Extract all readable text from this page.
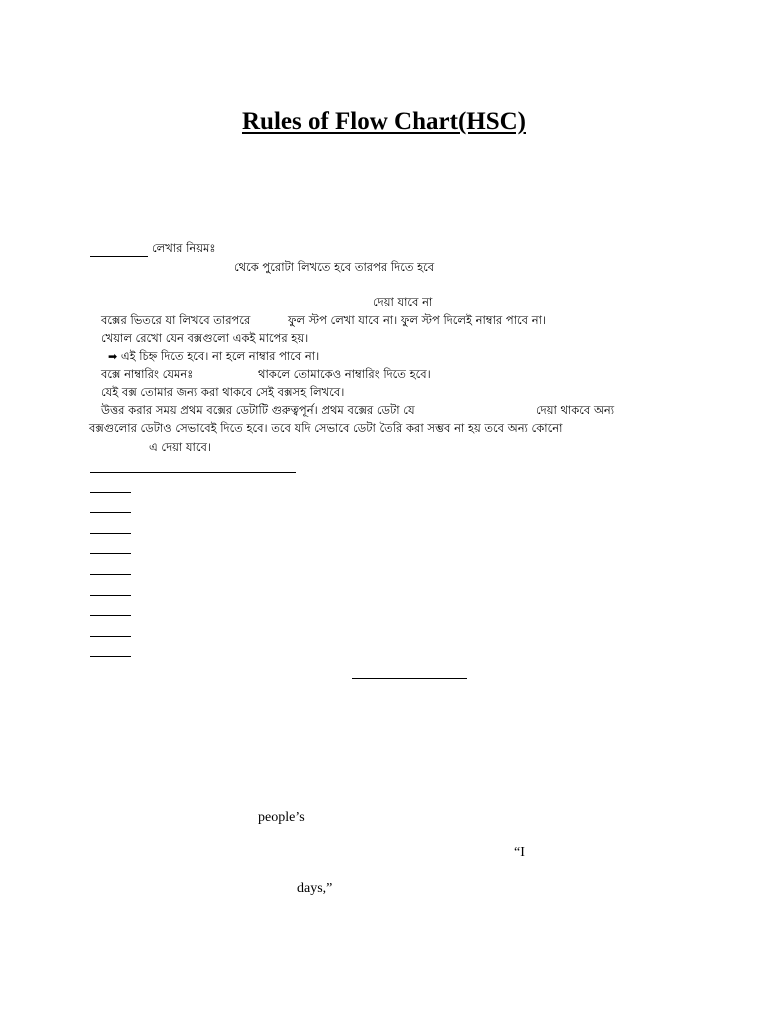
Rules of Flow Chart(HSC)
লেখার নিয়মঃ
থেকে পুরোটা লিখতে হবে তারপর দিতে হবে
দেয়া যাবে না
বক্সের ভিতরে যা লিখবে তারপরে	ফুল স্টপ লেখা যাবে না। ফুল স্টপ দিলেই নাম্বার পাবে না।
খেয়াল রেখো যেন বক্সগুলো একই মাপের হয়।
➡ এই চিহ্ন দিতে হবে। না হলে নাম্বার পাবে না।
বক্সে নাম্বারিং যেমনঃ	থাকলে তোমাকেও নাম্বারিং দিতে হবে।
যেই বক্স তোমার জন্য করা থাকবে সেই বক্সসহ লিখবে।
উত্তর করার সময় প্রথম বক্সের ডেটাটি গুরুত্বপূর্ন। প্রথম বক্সের ডেটা যে	দেয়া থাকবে অন্য
বক্সগুলোর ডেটাও সেভাবেই দিতে হবে। তবে যদি সেভাবে ডেটা তৈরি করা সম্ভব না হয় তবে অন্য কোনো
এ দেয়া যাবে।
people’s
“I
days,”
